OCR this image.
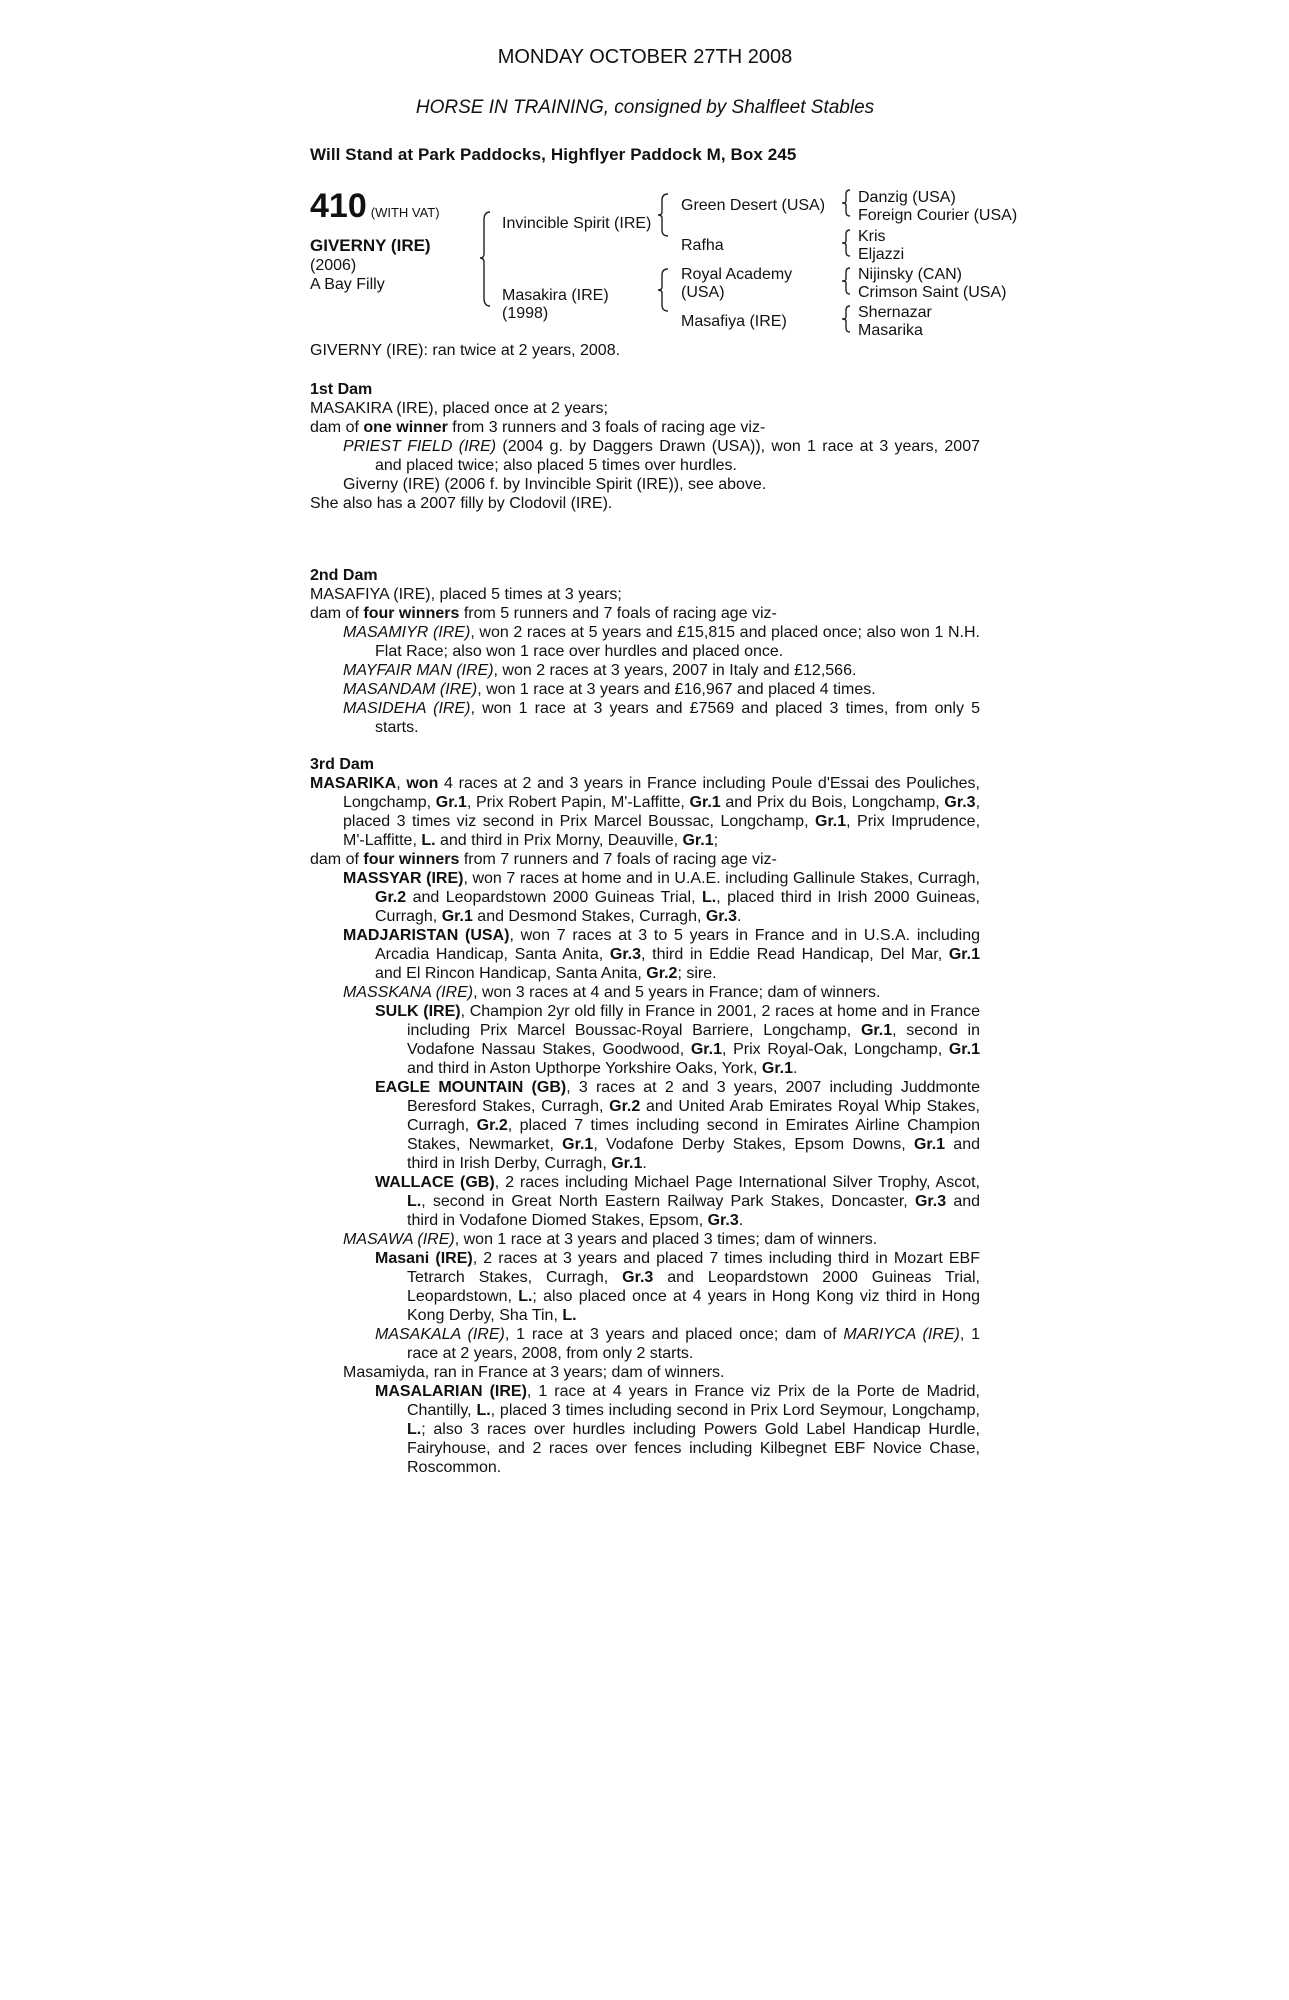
MONDAY OCTOBER 27TH 2008
HORSE IN TRAINING, consigned by Shalfleet Stables
Will Stand at Park Paddocks, Highflyer Paddock M, Box 245
410 (WITH VAT)
GIVERNY (IRE)
(2006)
A Bay Filly
Invincible Spirit (IRE)
Masakira (IRE)
(1998)
Green Desert (USA)
Rafha
Royal Academy
(USA)
Masafiya (IRE)
Danzig (USA)
Foreign Courier (USA)
Kris
Eljazzi
Nijinsky (CAN)
Crimson Saint (USA)
Shernazar
Masarika
GIVERNY (IRE): ran twice at 2 years, 2008.
1st Dam
MASAKIRA (IRE), placed once at 2 years;
dam of one winner from 3 runners and 3 foals of racing age viz-
PRIEST FIELD (IRE) (2004 g. by Daggers Drawn (USA)), won 1 race at 3 years, 2007 and placed twice; also placed 5 times over hurdles.
Giverny (IRE) (2006 f. by Invincible Spirit (IRE)), see above.
She also has a 2007 filly by Clodovil (IRE).
2nd Dam
MASAFIYA (IRE), placed 5 times at 3 years;
dam of four winners from 5 runners and 7 foals of racing age viz-
MASAMIYR (IRE), won 2 races at 5 years and £15,815 and placed once; also won 1 N.H. Flat Race; also won 1 race over hurdles and placed once.
MAYFAIR MAN (IRE), won 2 races at 3 years, 2007 in Italy and £12,566.
MASANDAM (IRE), won 1 race at 3 years and £16,967 and placed 4 times.
MASIDEHA (IRE), won 1 race at 3 years and £7569 and placed 3 times, from only 5 starts.
3rd Dam
MASARIKA, won 4 races at 2 and 3 years in France including Poule d'Essai des Pouliches, Longchamp, Gr.1, Prix Robert Papin, M'-Laffitte, Gr.1 and Prix du Bois, Longchamp, Gr.3, placed 3 times viz second in Prix Marcel Boussac, Longchamp, Gr.1, Prix Imprudence, M'-Laffitte, L. and third in Prix Morny, Deauville, Gr.1;
dam of four winners from 7 runners and 7 foals of racing age viz-
MASSYAR (IRE), won 7 races at home and in U.A.E. including Gallinule Stakes, Curragh, Gr.2 and Leopardstown 2000 Guineas Trial, L., placed third in Irish 2000 Guineas, Curragh, Gr.1 and Desmond Stakes, Curragh, Gr.3.
MADJARISTAN (USA), won 7 races at 3 to 5 years in France and in U.S.A. including Arcadia Handicap, Santa Anita, Gr.3, third in Eddie Read Handicap, Del Mar, Gr.1 and El Rincon Handicap, Santa Anita, Gr.2; sire.
MASSKANA (IRE), won 3 races at 4 and 5 years in France; dam of winners.
SULK (IRE), Champion 2yr old filly in France in 2001, 2 races at home and in France including Prix Marcel Boussac-Royal Barriere, Longchamp, Gr.1, second in Vodafone Nassau Stakes, Goodwood, Gr.1, Prix Royal-Oak, Longchamp, Gr.1 and third in Aston Upthorpe Yorkshire Oaks, York, Gr.1.
EAGLE MOUNTAIN (GB), 3 races at 2 and 3 years, 2007 including Juddmonte Beresford Stakes, Curragh, Gr.2 and United Arab Emirates Royal Whip Stakes, Curragh, Gr.2, placed 7 times including second in Emirates Airline Champion Stakes, Newmarket, Gr.1, Vodafone Derby Stakes, Epsom Downs, Gr.1 and third in Irish Derby, Curragh, Gr.1.
WALLACE (GB), 2 races including Michael Page International Silver Trophy, Ascot, L., second in Great North Eastern Railway Park Stakes, Doncaster, Gr.3 and third in Vodafone Diomed Stakes, Epsom, Gr.3.
MASAWA (IRE), won 1 race at 3 years and placed 3 times; dam of winners.
Masani (IRE), 2 races at 3 years and placed 7 times including third in Mozart EBF Tetrarch Stakes, Curragh, Gr.3 and Leopardstown 2000 Guineas Trial, Leopardstown, L.; also placed once at 4 years in Hong Kong viz third in Hong Kong Derby, Sha Tin, L.
MASAKALA (IRE), 1 race at 3 years and placed once; dam of MARIYCA (IRE), 1 race at 2 years, 2008, from only 2 starts.
Masamiyda, ran in France at 3 years; dam of winners.
MASALARIAN (IRE), 1 race at 4 years in France viz Prix de la Porte de Madrid, Chantilly, L., placed 3 times including second in Prix Lord Seymour, Longchamp, L.; also 3 races over hurdles including Powers Gold Label Handicap Hurdle, Fairyhouse, and 2 races over fences including Kilbegnet EBF Novice Chase, Roscommon.
